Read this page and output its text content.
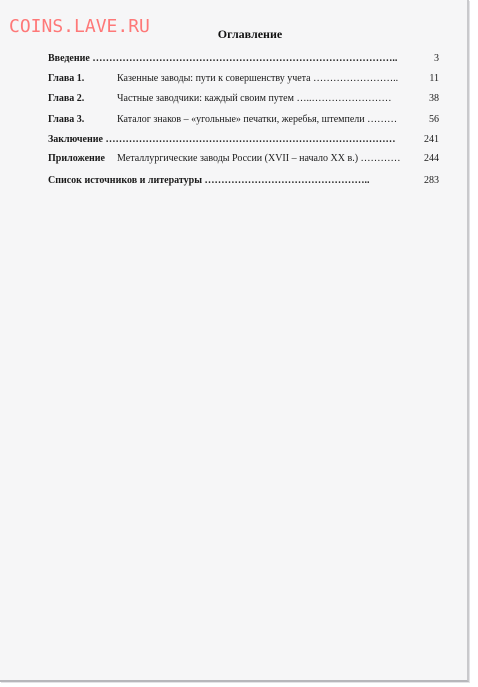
COINS.LAVE.RU	Оглавление
Введение ………………………………………………………………………………..	3
Глава 1.	Казенные заводы: пути к совершенству учета ……………………..	11
Глава 2.	Частные заводчики: каждый своим путем …..……………………	38
Глава 3.	Каталог знаков – «угольные» печатки, жеребья, штемпели ………	56
Заключение ……………………………………………………………………………	241
Приложение Металлургические заводы России (XVII – начало XX в.) ………… 244
Список источников и литературы …………………………………………..	283
